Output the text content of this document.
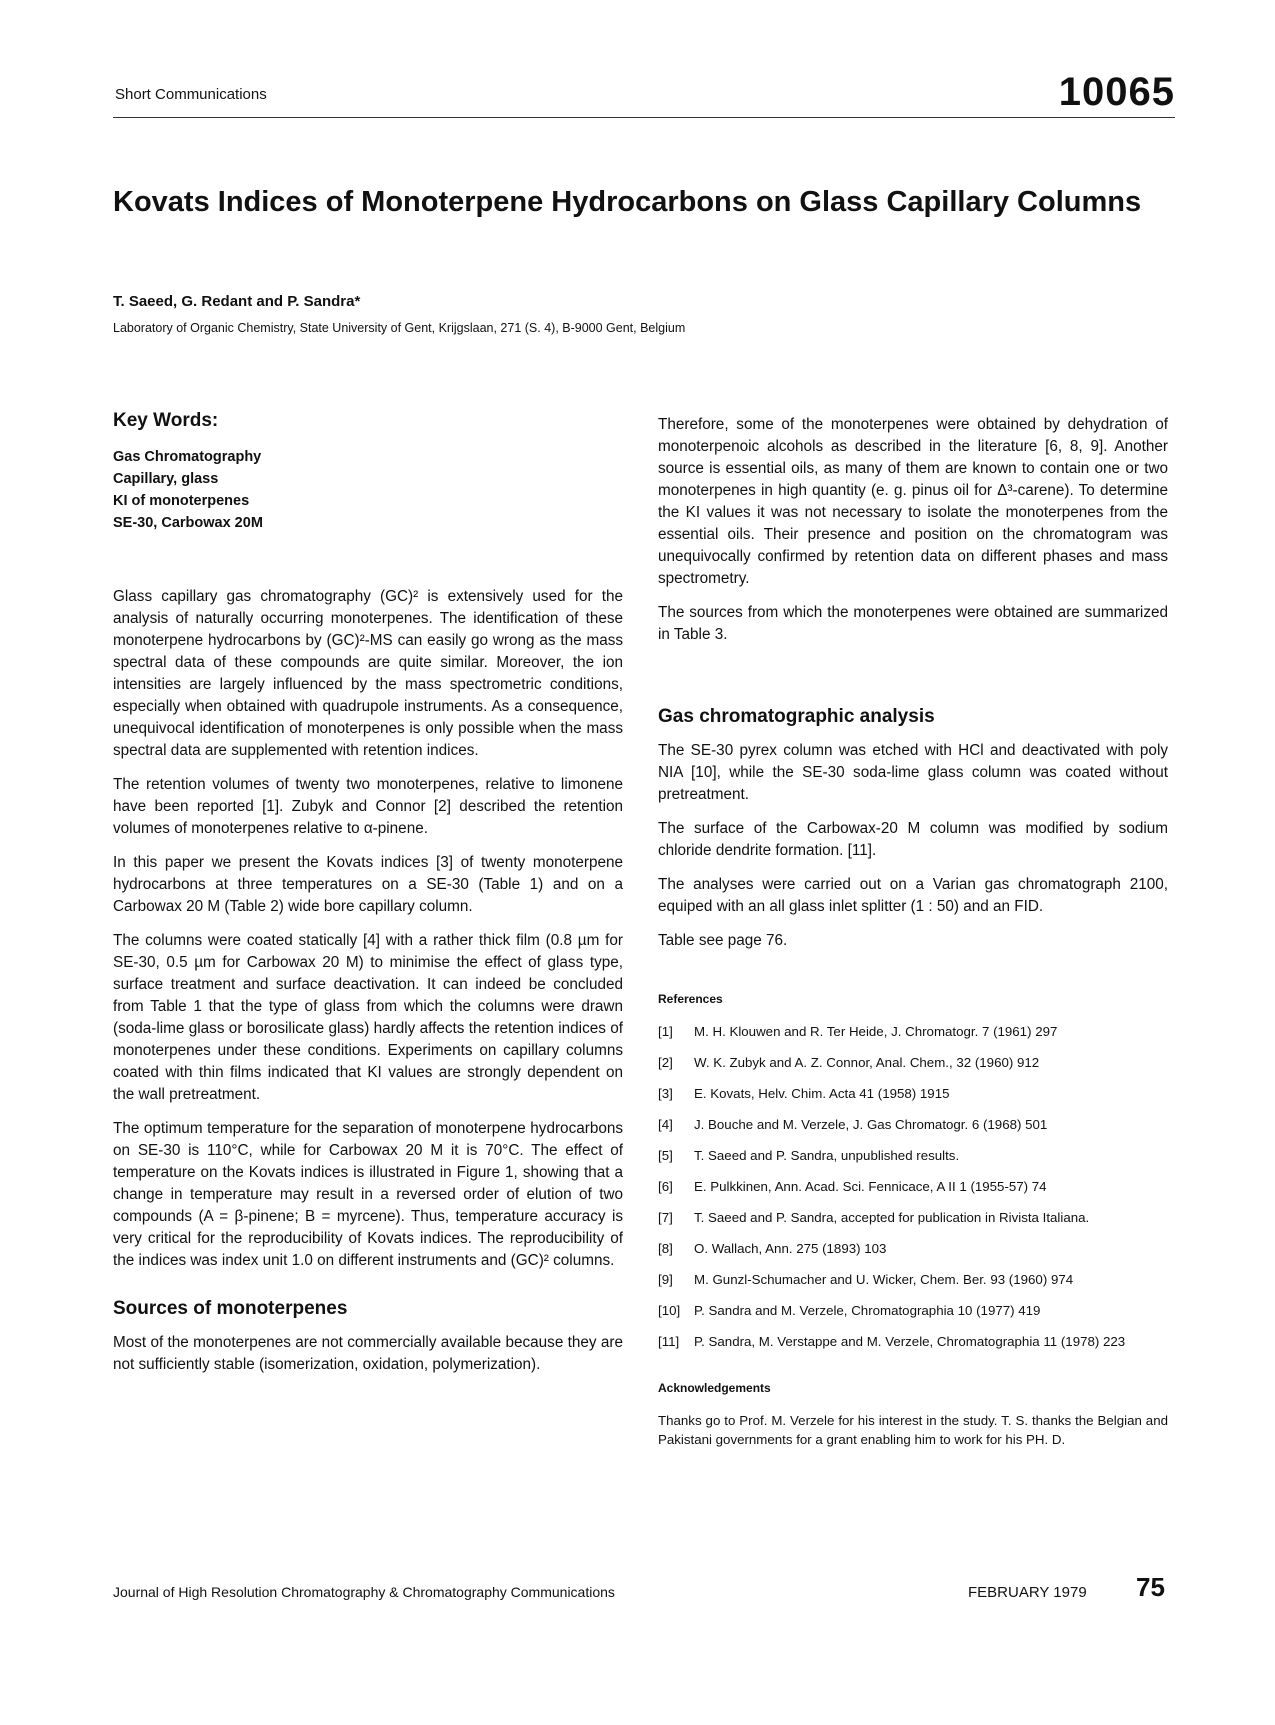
Short Communications	10065
Kovats Indices of Monoterpene Hydrocarbons on Glass Capillary Columns
T. Saeed, G. Redant and P. Sandra*
Laboratory of Organic Chemistry, State University of Gent, Krijgslaan, 271 (S. 4), B-9000 Gent, Belgium
Key Words:
Gas Chromatography
Capillary, glass
KI of monoterpenes
SE-30, Carbowax 20M

Glass capillary gas chromatography (GC)² is extensively used for the analysis of naturally occurring monoterpenes. The identification of these monoterpene hydrocarbons by (GC)²-MS can easily go wrong as the mass spectral data of these compounds are quite similar. Moreover, the ion intensities are largely influenced by the mass spectrometric conditions, especially when obtained with quadrupole instruments. As a consequence, unequivocal identification of monoterpenes is only possible when the mass spectral data are supplemented with retention indices.

The retention volumes of twenty two monoterpenes, relative to limonene have been reported [1]. Zubyk and Connor [2] described the retention volumes of monoterpenes relative to α-pinene.

In this paper we present the Kovats indices [3] of twenty monoterpene hydrocarbons at three temperatures on a SE-30 (Table 1) and on a Carbowax 20 M (Table 2) wide bore capillary column.

The columns were coated statically [4] with a rather thick film (0.8 µm for SE-30, 0.5 µm for Carbowax 20 M) to minimise the effect of glass type, surface treatment and surface deactivation. It can indeed be concluded from Table 1 that the type of glass from which the columns were drawn (soda-lime glass or borosilicate glass) hardly affects the retention indices of monoterpenes under these conditions. Experiments on capillary columns coated with thin films indicated that KI values are strongly dependent on the wall pretreatment.

The optimum temperature for the separation of monoterpene hydrocarbons on SE-30 is 110°C, while for Carbowax 20 M it is 70°C. The effect of temperature on the Kovats indices is illustrated in Figure 1, showing that a change in temperature may result in a reversed order of elution of two compounds (A = β-pinene; B = myrcene). Thus, temperature accuracy is very critical for the reproducibility of Kovats indices. The reproducibility of the indices was index unit 1.0 on different instruments and (GC)² columns.

Sources of monoterpenes

Most of the monoterpenes are not commercially available because they are not sufficiently stable (isomerization, oxidation, polymerization).

Therefore, some of the monoterpenes were obtained by dehydration of monoterpenoic alcohols as described in the literature [6, 8, 9]. Another source is essential oils, as many of them are known to contain one or two monoterpenes in high quantity (e. g. pinus oil for Δ³-carene). To determine the KI values it was not necessary to isolate the monoterpenes from the essential oils. Their presence and position on the chromatogram was unequivocally confirmed by retention data on different phases and mass spectrometry.

The sources from which the monoterpenes were obtained are summarized in Table 3.

Gas chromatographic analysis

The SE-30 pyrex column was etched with HCl and deactivated with poly NIA [10], while the SE-30 soda-lime glass column was coated without pretreatment.

The surface of the Carbowax-20 M column was modified by sodium chloride dendrite formation. [11].

The analyses were carried out on a Varian gas chromatograph 2100, equiped with an all glass inlet splitter (1 : 50) and an FID.

Table see page 76.

References
[1]	M. H. Klouwen and R. Ter Heide, J. Chromatogr. 7 (1961) 297
[2]	W. K. Zubyk and A. Z. Connor, Anal. Chem., 32 (1960) 912
[3]	E. Kovats, Helv. Chim. Acta 41 (1958) 1915
[4]	J. Bouche and M. Verzele, J. Gas Chromatogr. 6 (1968) 501
[5]	T. Saeed and P. Sandra, unpublished results.
[6]	E. Pulkkinen, Ann. Acad. Sci. Fennicace, A II 1 (1955-57) 74
[7]	T. Saeed and P. Sandra, accepted for publication in Rivista Italiana.
[8]	O. Wallach, Ann. 275 (1893) 103
[9]	M. Gunzl-Schumacher and U. Wicker, Chem. Ber. 93 (1960) 974
[10]	P. Sandra and M. Verzele, Chromatographia 10 (1977) 419
[11]	P. Sandra, M. Verstappe and M. Verzele, Chromatographia 11 (1978) 223
Acknowledgements
Thanks go to Prof. M. Verzele for his interest in the study. T. S. thanks the Belgian and Pakistani governments for a grant enabling him to work for his PH. D.
Journal of High Resolution Chromatography & Chromatography Communications	FEBRUARY 1979 75
